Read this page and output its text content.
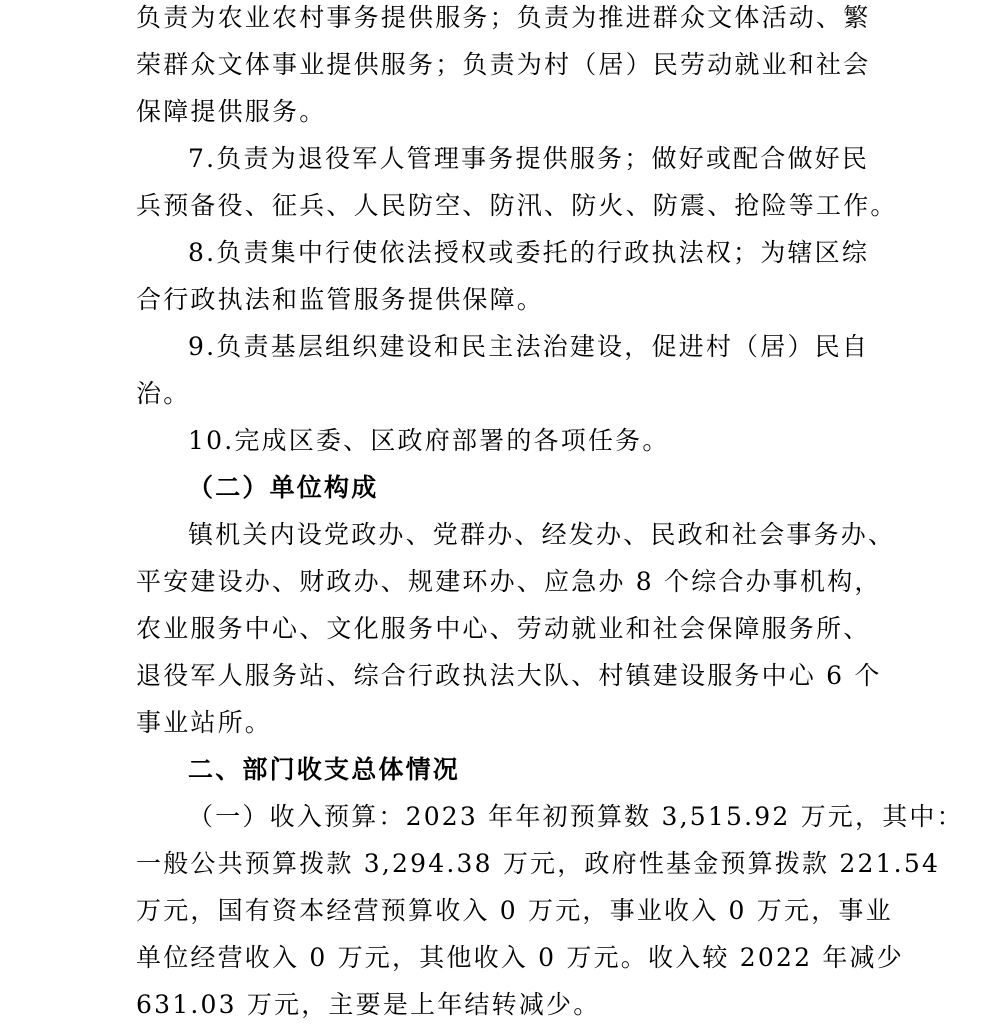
负责为农业农村事务提供服务；负责为推进群众文体活动、繁
荣群众文体事业提供服务；负责为村（居）民劳动就业和社会
保障提供服务。
7.负责为退役军人管理事务提供服务；做好或配合做好民
兵预备役、征兵、人民防空、防汛、防火、防震、抢险等工作。
8.负责集中行使依法授权或委托的行政执法权；为辖区综
合行政执法和监管服务提供保障。
9.负责基层组织建设和民主法治建设，促进村（居）民自
治。
10.完成区委、区政府部署的各项任务。
（二）单位构成
镇机关内设党政办、党群办、经发办、民政和社会事务办、
平安建设办、财政办、规建环办、应急办 8 个综合办事机构，
农业服务中心、文化服务中心、劳动就业和社会保障服务所、
退役军人服务站、综合行政执法大队、村镇建设服务中心 6 个
事业站所。
二、部门收支总体情况
（一）收入预算：2023 年年初预算数 3,515.92 万元，其中：
一般公共预算拨款 3,294.38 万元，政府性基金预算拨款 221.54
万元，国有资本经营预算收入 0 万元，事业收入 0 万元，事业
单位经营收入 0 万元，其他收入 0 万元。收入较 2022 年减少
631.03 万元，主要是上年结转减少。
